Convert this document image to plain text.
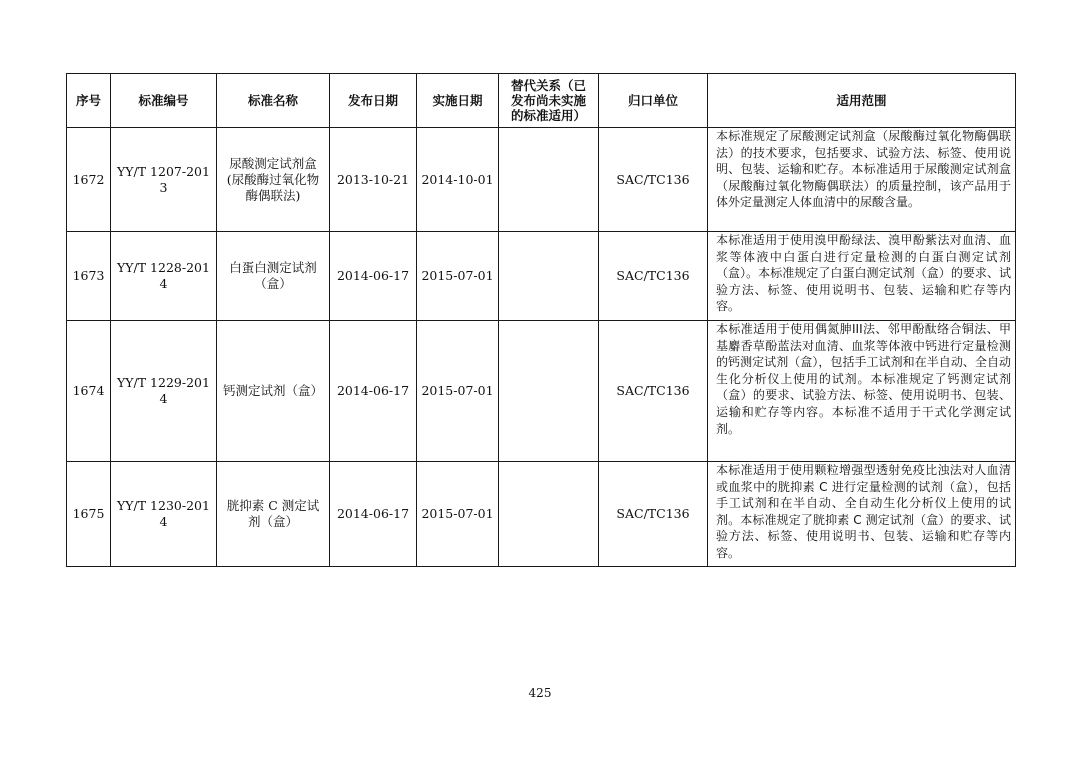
序号	标准编号	标准名称	发布日期	实施日期	替代关系（已发布尚未实施的标准适用）	归口单位	适用范围
1672	YY/T 1207-2013	尿酸测定试剂盒(尿酸酶过氧化物酶偶联法)	2013-10-21	2014-10-01		SAC/TC136	本标准规定了尿酸测定试剂盒（尿酸酶过氧化物酶偶联法）的技术要求，包括要求、试验方法、标签、使用说明、包装、运输和贮存。本标准适用于尿酸测定试剂盒（尿酸酶过氧化物酶偶联法）的质量控制，该产品用于体外定量测定人体血清中的尿酸含量。
1673	YY/T 1228-2014	白蛋白测定试剂（盒）	2014-06-17	2015-07-01		SAC/TC136	本标准适用于使用溴甲酚绿法、溴甲酚紫法对血清、血浆等体液中白蛋白进行定量检测的白蛋白测定试剂（盒）。本标准规定了白蛋白测定试剂（盒）的要求、试验方法、标签、使用说明书、包装、运输和贮存等内容。
1674	YY/T 1229-2014	钙测定试剂（盒）	2014-06-17	2015-07-01		SAC/TC136	本标准适用于使用偶氮胂III法、邻甲酚酞络合铜法、甲基麝香草酚蓝法对血清、血浆等体液中钙进行定量检测的钙测定试剂（盒），包括手工试剂和在半自动、全自动生化分析仪上使用的试剂。本标准规定了钙测定试剂（盒）的要求、试验方法、标签、使用说明书、包装、运输和贮存等内容。本标准不适用于干式化学测定试剂。
1675	YY/T 1230-2014	胱抑素 C 测定试剂（盒）	2014-06-17	2015-07-01		SAC/TC136	本标准适用于使用颗粒增强型透射免疫比浊法对人血清或血浆中的胱抑素 C 进行定量检测的试剂（盒），包括手工试剂和在半自动、全自动生化分析仪上使用的试剂。本标准规定了胱抑素 C 测定试剂（盒）的要求、试验方法、标签、使用说明书、包装、运输和贮存等内容。
425
